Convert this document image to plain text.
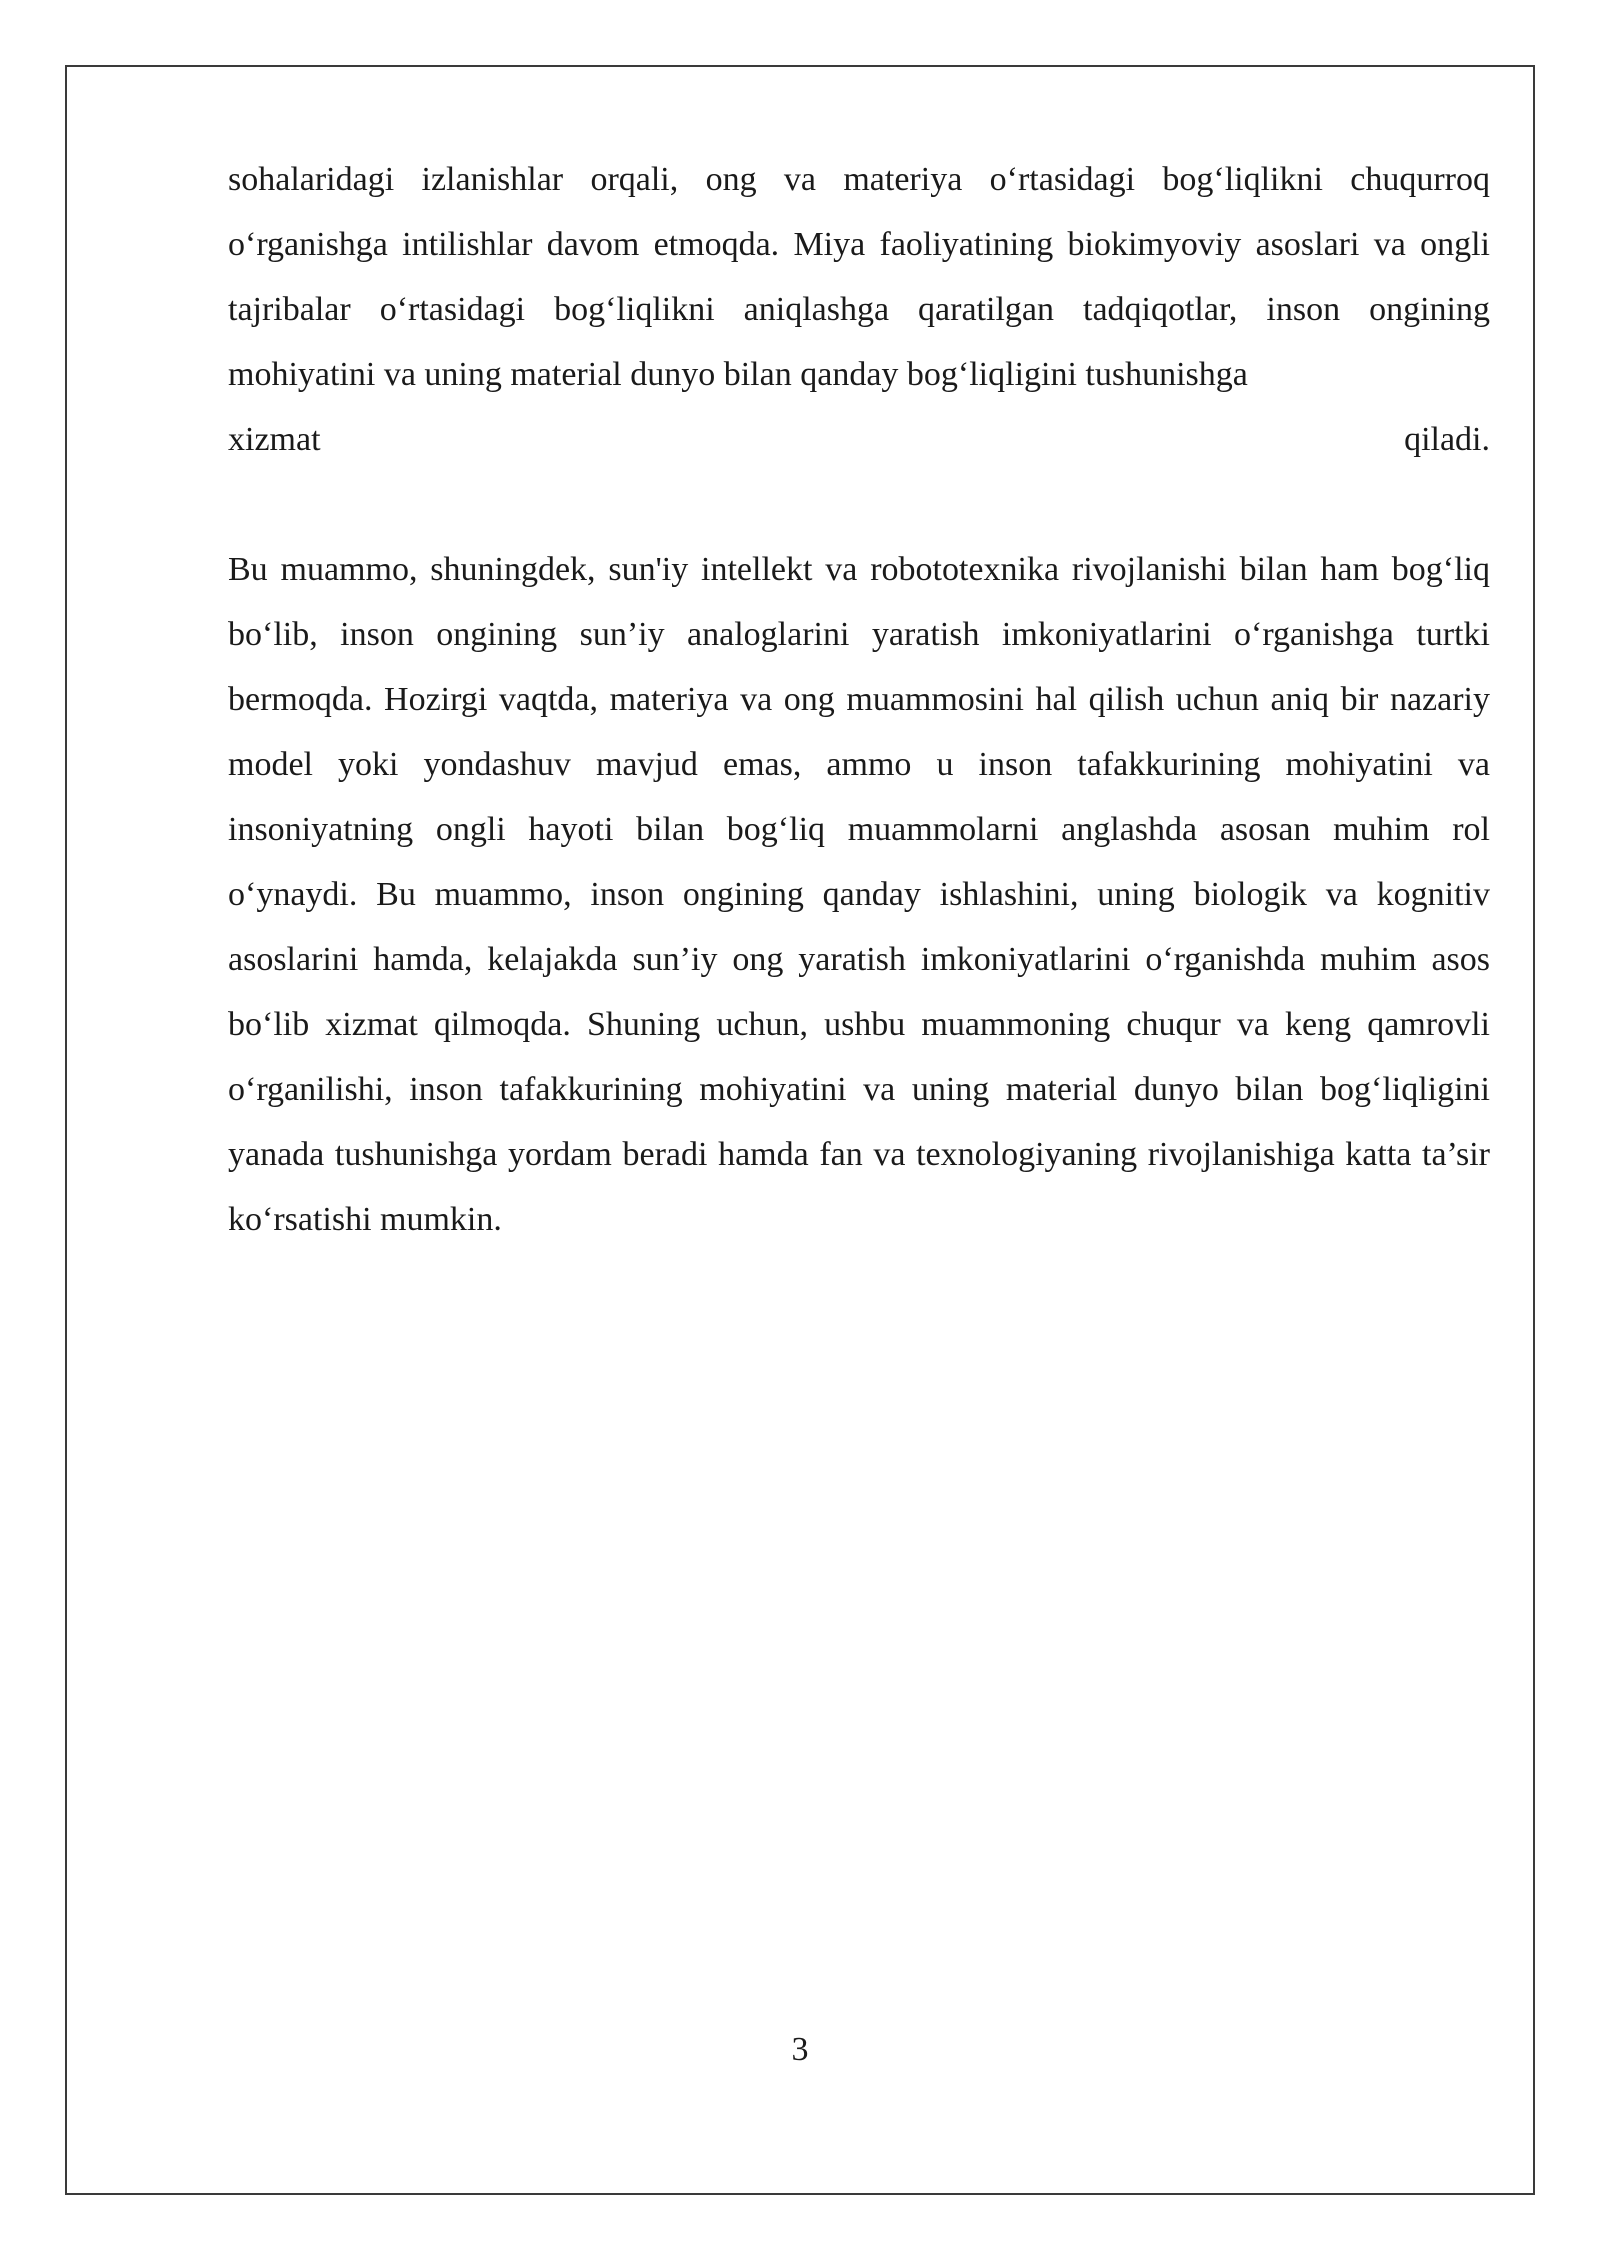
sohalaridagi izlanishlar orqali, ong va materiya o‘rtasidagi bog‘liqlikni chuqurroq o‘rganishga intilishlar davom etmoqda. Miya faoliyatining biokimyoviy asoslari va ongli tajribalar o‘rtasidagi bog‘liqlikni aniqlashga qaratilgan tadqiqotlar, inson ongining mohiyatini va uning material dunyo bilan qanday bog‘liqligini tushunishga
xizmat	qiladi.

Bu muammo, shuningdek, sun'iy intellekt va robototexnika rivojlanishi bilan ham bog‘liq bo‘lib, inson ongining sun’iy analoglarini yaratish imkoniyatlarini o‘rganishga turtki bermoqda. Hozirgi vaqtda, materiya va ong muammosini hal qilish uchun aniq bir nazariy model yoki yondashuv mavjud emas, ammo u inson tafakkurining mohiyatini va insoniyatning ongli hayoti bilan bog‘liq muammolarni anglashda asosan muhim rol o‘ynaydi. Bu muammo, inson ongining qanday ishlashini, uning biologik va kognitiv asoslarini hamda, kelajakda sun’iy ong yaratish imkoniyatlarini o‘rganishda muhim asos bo‘lib xizmat qilmoqda. Shuning uchun, ushbu muammoning chuqur va keng qamrovli o‘rganilishi, inson tafakkurining mohiyatini va uning material dunyo bilan bog‘liqligini yanada tushunishga yordam beradi hamda fan va texnologiyaning rivojlanishiga katta ta’sir ko‘rsatishi mumkin.

3
